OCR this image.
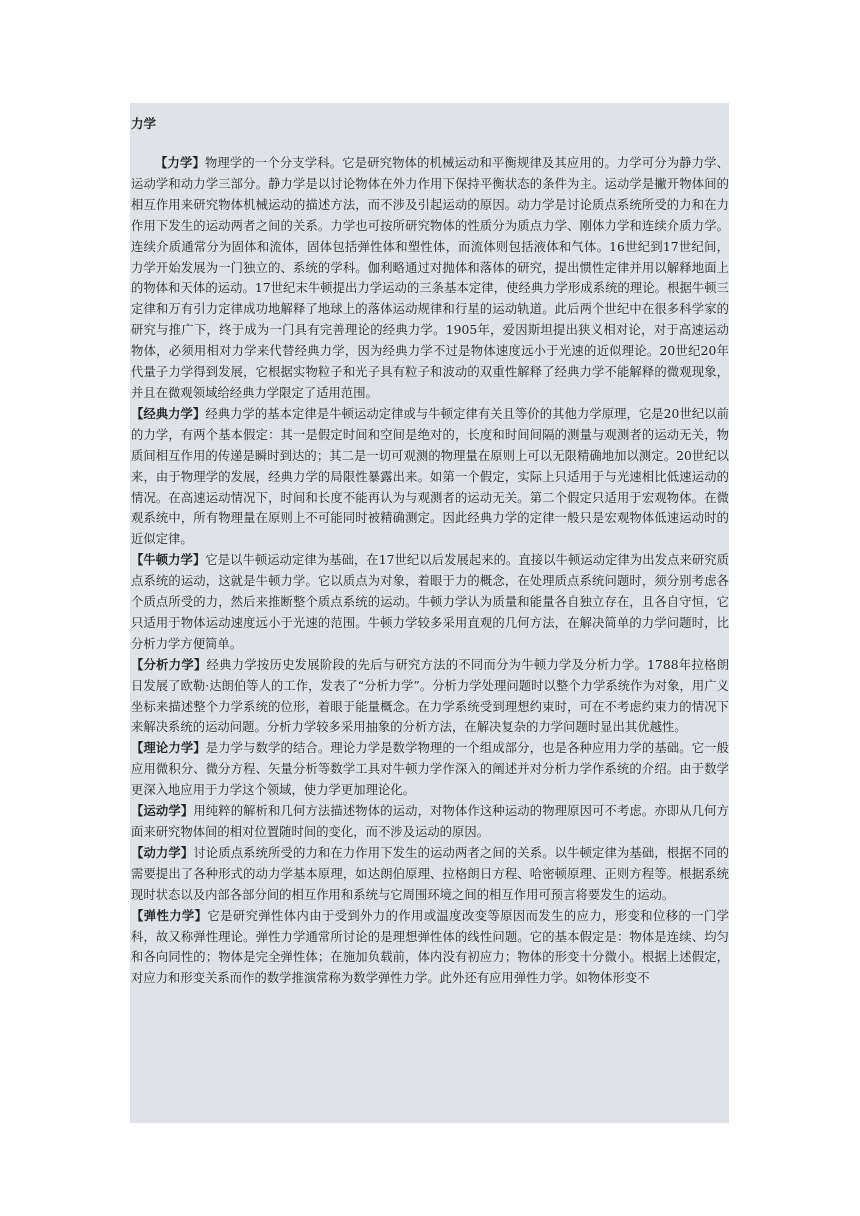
力学

【力学】物理学的一个分支学科。它是研究物体的机械运动和平衡规律及其应用的。力学可分为静力学、运动学和动力学三部分。静力学是以讨论物体在外力作用下保持平衡状态的条件为主。运动学是撇开物体间的相互作用来研究物体机械运动的描述方法，而不涉及引起运动的原因。动力学是讨论质点系统所受的力和在力作用下发生的运动两者之间的关系。力学也可按所研究物体的性质分为质点力学、刚体力学和连续介质力学。连续介质通常分为固体和流体，固体包括弹性体和塑性体，而流体则包括液体和气体。16世纪到17世纪间，力学开始发展为一门独立的、系统的学科。伽利略通过对抛体和落体的研究，提出惯性定律并用以解释地面上的物体和天体的运动。17世纪末牛顿提出力学运动的三条基本定律，使经典力学形成系统的理论。根据牛顿三定律和万有引力定律成功地解释了地球上的落体运动规律和行星的运动轨道。此后两个世纪中在很多科学家的研究与推广下，终于成为一门具有完善理论的经典力学。1905年，爱因斯坦提出狭义相对论，对于高速运动物体，必须用相对力学来代替经典力学，因为经典力学不过是物体速度远小于光速的近似理论。20世纪20年代量子力学得到发展，它根据实物粒子和光子具有粒子和波动的双重性解释了经典力学不能解释的微观现象，并且在微观领域给经典力学限定了适用范围。

【经典力学】经典力学的基本定律是牛顿运动定律或与牛顿定律有关且等价的其他力学原理，它是20世纪以前的力学，有两个基本假定：其一是假定时间和空间是绝对的，长度和时间间隔的测量与观测者的运动无关，物质间相互作用的传递是瞬时到达的；其二是一切可观测的物理量在原则上可以无限精确地加以测定。20世纪以来，由于物理学的发展，经典力学的局限性暴露出来。如第一个假定，实际上只适用于与光速相比低速运动的情况。在高速运动情况下，时间和长度不能再认为与观测者的运动无关。第二个假定只适用于宏观物体。在微观系统中，所有物理量在原则上不可能同时被精确测定。因此经典力学的定律一般只是宏观物体低速运动时的近似定律。

【牛顿力学】它是以牛顿运动定律为基础，在17世纪以后发展起来的。直接以牛顿运动定律为出发点来研究质点系统的运动，这就是牛顿力学。它以质点为对象，着眼于力的概念，在处理质点系统问题时，须分别考虑各个质点所受的力，然后来推断整个质点系统的运动。牛顿力学认为质量和能量各自独立存在，且各自守恒，它只适用于物体运动速度远小于光速的范围。牛顿力学较多采用直观的几何方法，在解决简单的力学问题时，比分析力学方便简单。

【分析力学】经典力学按历史发展阶段的先后与研究方法的不同而分为牛顿力学及分析力学。1788年拉格朗日发展了欧勒·达朗伯等人的工作，发表了“分析力学”。分析力学处理问题时以整个力学系统作为对象，用广义坐标来描述整个力学系统的位形，着眼于能量概念。在力学系统受到理想约束时，可在不考虑约束力的情况下来解决系统的运动问题。分析力学较多采用抽象的分析方法，在解决复杂的力学问题时显出其优越性。

【理论力学】是力学与数学的结合。理论力学是数学物理的一个组成部分，也是各种应用力学的基础。它一般应用微积分、微分方程、矢量分析等数学工具对牛顿力学作深入的阐述并对分析力学作系统的介绍。由于数学更深入地应用于力学这个领域，使力学更加理论化。

【运动学】用纯粹的解析和几何方法描述物体的运动，对物体作这种运动的物理原因可不考虑。亦即从几何方面来研究物体间的相对位置随时间的变化，而不涉及运动的原因。

【动力学】讨论质点系统所受的力和在力作用下发生的运动两者之间的关系。以牛顿定律为基础，根据不同的需要提出了各种形式的动力学基本原理，如达朗伯原理、拉格朗日方程、哈密顿原理、正则方程等。根据系统现时状态以及内部各部分间的相互作用和系统与它周围环境之间的相互作用可预言将要发生的运动。

【弹性力学】它是研究弹性体内由于受到外力的作用或温度改变等原因而发生的应力，形变和位移的一门学科，故又称弹性理论。弹性力学通常所讨论的是理想弹性体的线性问题。它的基本假定是：物体是连续、均匀和各向同性的；物体是完全弹性体；在施加负载前，体内没有初应力；物体的形变十分微小。根据上述假定，对应力和形变关系而作的数学推演常称为数学弹性力学。此外还有应用弹性力学。如物体形变不
